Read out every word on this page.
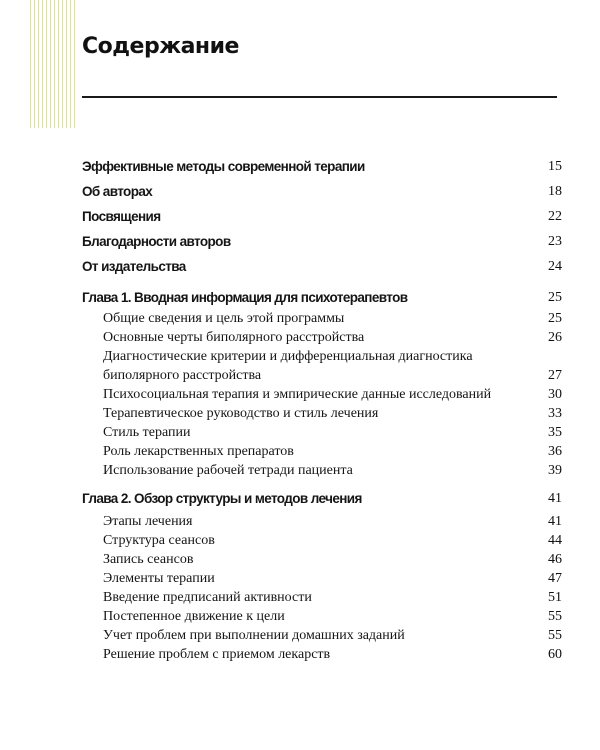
Содержание
Эффективные методы современной терапии	15
Об авторах	18
Посвящения	22
Благодарности авторов	23
От издательства	24
Глава 1. Вводная информация для психотерапевтов	25
Общие сведения и цель этой программы	25
Основные черты биполярного расстройства	26
Диагностические критерии и дифференциальная диагностика
биполярного расстройства	27
Психосоциальная терапия и эмпирические данные исследований	30
Терапевтическое руководство и стиль лечения	33
Стиль терапии	35
Роль лекарственных препаратов	36
Использование рабочей тетради пациента	39
Глава 2. Обзор структуры и методов лечения	41
Этапы лечения	41
Структура сеансов	44
Запись сеансов	46
Элементы терапии	47
Введение предписаний активности	51
Постепенное движение к цели	55
Учет проблем при выполнении домашних заданий	55
Решение проблем с приемом лекарств	60
